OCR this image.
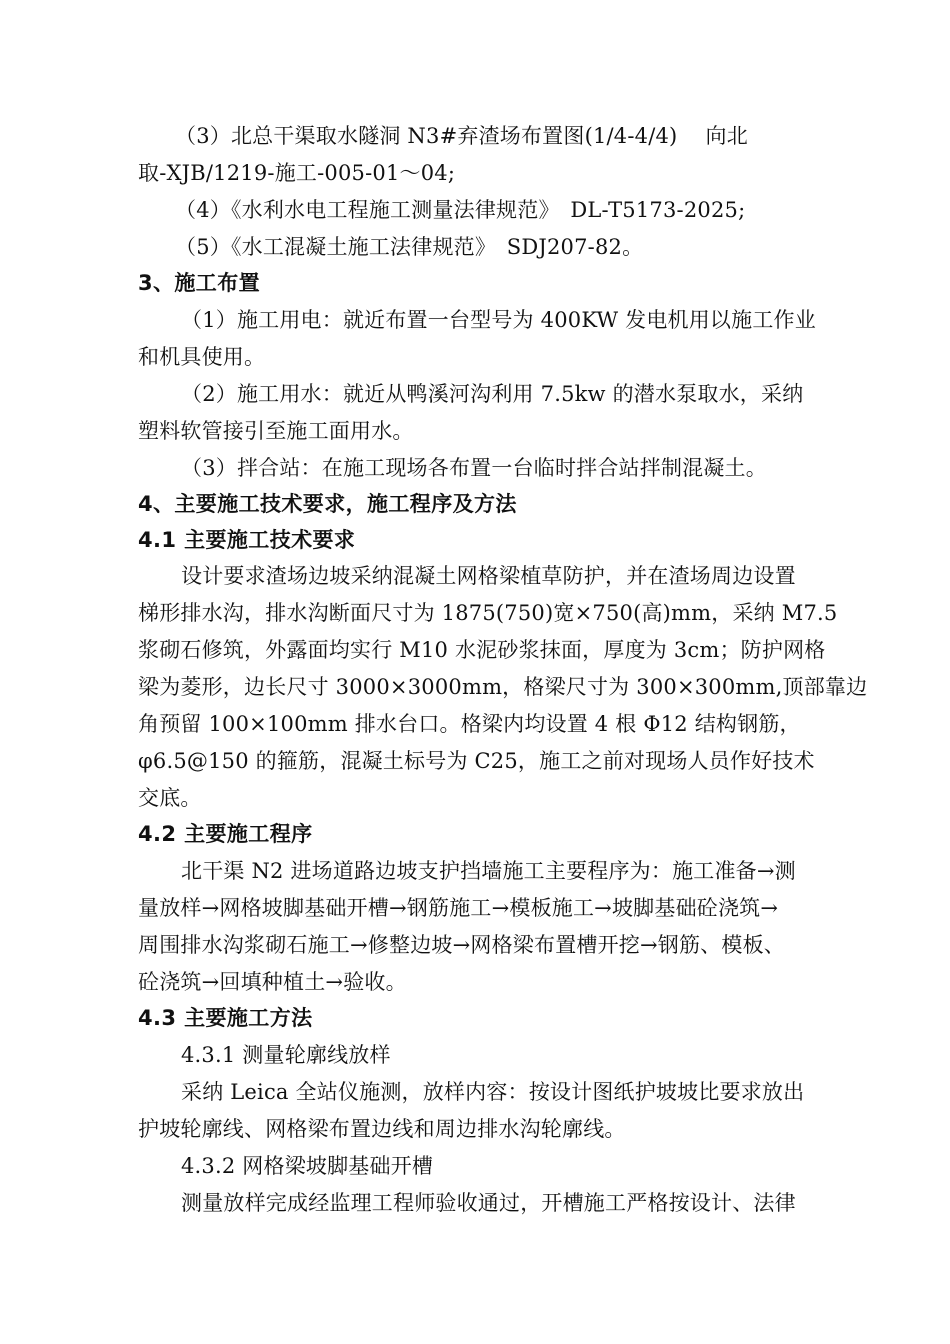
（3）北总干渠取水隧洞 N3#弃渣场布置图(1/4-4/4)　 向北
取-XJB/1219-施工-005-01～04;
（4）《水利水电工程施工测量法律规范》　DL-T5173-2025;
（5）《水工混凝土施工法律规范》　SDJ207-82。
3、施工布置
（1）施工用电：就近布置一台型号为 400KW 发电机用以施工作业
和机具使用。
（2）施工用水：就近从鸭溪河沟利用 7.5kw 的潜水泵取水，采纳
塑料软管接引至施工面用水。
（3）拌合站：在施工现场各布置一台临时拌合站拌制混凝土。
4、主要施工技术要求，施工程序及方法
4.1 主要施工技术要求
设计要求渣场边坡采纳混凝土网格梁植草防护，并在渣场周边设置
梯形排水沟，排水沟断面尺寸为 1875(750)宽×750(高)mm，采纳 M7.5
浆砌石修筑，外露面均实行 M10 水泥砂浆抹面，厚度为 3cm；防护网格
梁为菱形，边长尺寸 3000×3000mm，格梁尺寸为 300×300mm,顶部靠边
角预留 100×100mm 排水台口。格梁内均设置 4 根 Φ12 结构钢筋，
φ6.5@150 的箍筋，混凝土标号为 C25，施工之前对现场人员作好技术
交底。
4.2 主要施工程序
北干渠 N2 进场道路边坡支护挡墙施工主要程序为：施工准备→测
量放样→网格坡脚基础开槽→钢筋施工→模板施工→坡脚基础砼浇筑→
周围排水沟浆砌石施工→修整边坡→网格梁布置槽开挖→钢筋、模板、
砼浇筑→回填种植土→验收。
4.3 主要施工方法
4.3.1 测量轮廓线放样
采纳 Leica 全站仪施测，放样内容：按设计图纸护坡坡比要求放出
护坡轮廓线、网格梁布置边线和周边排水沟轮廓线。
4.3.2 网格梁坡脚基础开槽
测量放样完成经监理工程师验收通过，开槽施工严格按设计、法律
